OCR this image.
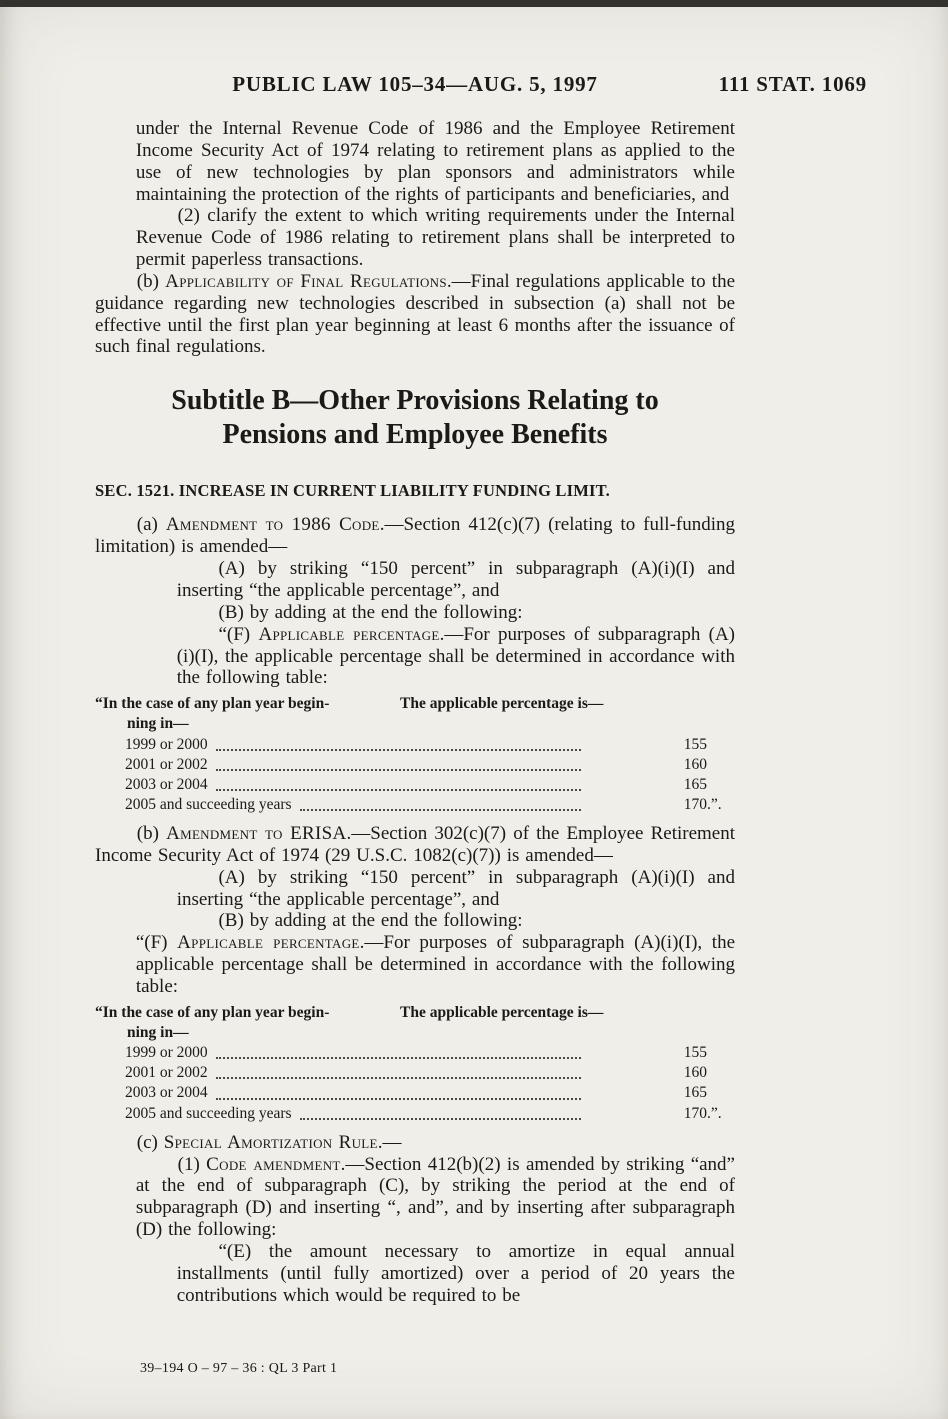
PUBLIC LAW 105–34—AUG. 5, 1997	111 STAT. 1069

under the Internal Revenue Code of 1986 and the Employee Retirement Income Security Act of 1974 relating to retirement plans as applied to the use of new technologies by plan sponsors and administrators while maintaining the protection of the rights of participants and beneficiaries, and

(2) clarify the extent to which writing requirements under the Internal Revenue Code of 1986 relating to retirement plans shall be interpreted to permit paperless transactions.

(b) Applicability of Final Regulations.—Final regulations applicable to the guidance regarding new technologies described in subsection (a) shall not be effective until the first plan year beginning at least 6 months after the issuance of such final regulations.

Subtitle B—Other Provisions Relating to
Pensions and Employee Benefits
SEC. 1521. INCREASE IN CURRENT LIABILITY FUNDING LIMIT.

(a) Amendment to 1986 Code.—Section 412(c)(7) (relating to full-funding limitation) is amended—

(A) by striking “150 percent” in subparagraph (A)(i)(I) and inserting “the applicable percentage”, and

(B) by adding at the end the following:

“(F) Applicable percentage.—For purposes of subparagraph (A)(i)(I), the applicable percentage shall be determined in accordance with the following table:

“In the case of any plan year begin-
ning in—
The applicable percentage is—
1999 or 2000	155
2001 or 2002	160
2003 or 2004	165
2005 and succeeding years	170 .”.

(b) Amendment to ERISA.—Section 302(c)(7) of the Employee Retirement Income Security Act of 1974 (29 U.S.C. 1082(c)(7)) is amended—

(A) by striking “150 percent” in subparagraph (A)(i)(I) and inserting “the applicable percentage”, and

(B) by adding at the end the following:

“(F) Applicable percentage.—For purposes of subparagraph (A)(i)(I), the applicable percentage shall be determined in accordance with the following table:

“In the case of any plan year begin-
ning in—
The applicable percentage is—
1999 or 2000	155
2001 or 2002	160
2003 or 2004	165
2005 and succeeding years	170 .”.

(c) Special Amortization Rule.—

(1) Code amendment.—Section 412(b)(2) is amended by striking “and” at the end of subparagraph (C), by striking the period at the end of subparagraph (D) and inserting “, and”, and by inserting after subparagraph (D) the following:

“(E) the amount necessary to amortize in equal annual installments (until fully amortized) over a period of 20 years the contributions which would be required to be

39–194 O – 97 – 36 : QL 3 Part 1
